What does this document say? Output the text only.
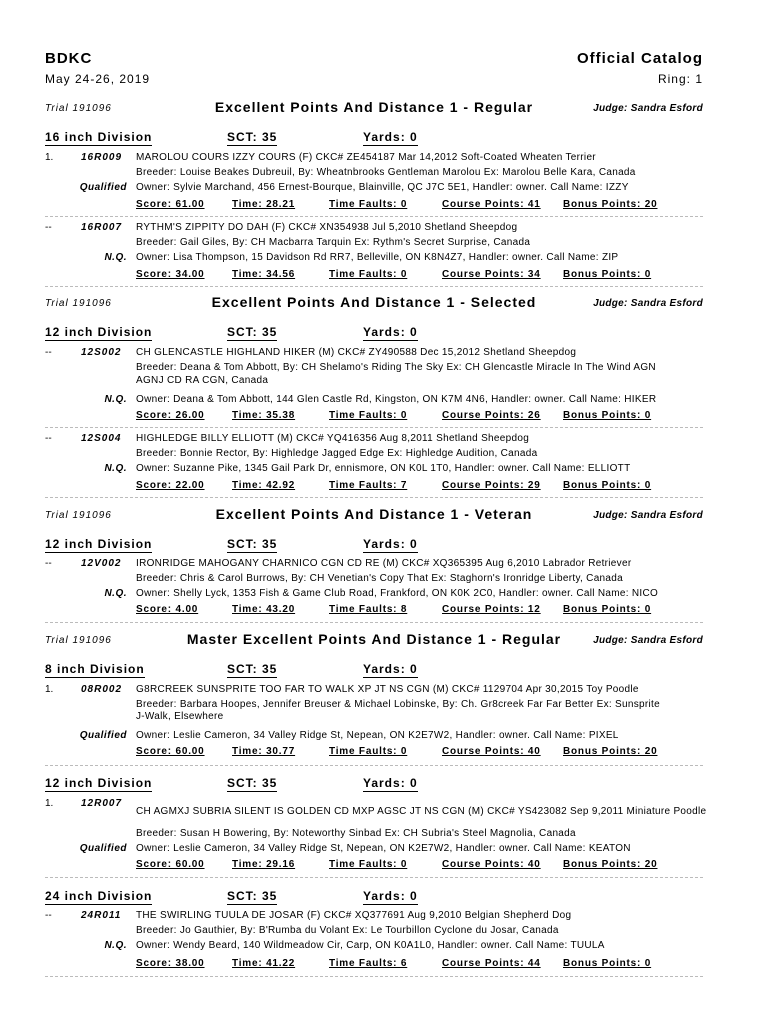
BDKC	Official Catalog
May 24-26, 2019	Ring: 1
Trial 191096	Excellent Points And Distance 1 - Regular	Judge: Sandra Esford
16 inch Division	SCT: 35	Yards: 0
1.	16R009
Qualified
MAROLOU COURS IZZY COURS (F) CKC# ZE454187 Mar 14,2012 Soft-Coated Wheaten Terrier
Breeder: Louise Beakes Dubreuil, By: Wheatnbrooks Gentleman Marolou Ex: Marolou Belle Kara, Canada
Owner: Sylvie Marchand, 456 Ernest-Bourque, Blainville, QC J7C 5E1, Handler: owner. Call Name: IZZY
Score: 61.00	Time: 28.21	Time Faults: 0	Course Points: 41 Bonus Points: 20
--	16R007
N.Q.
RYTHM'S ZIPPITY DO DAH (F) CKC# XN354938 Jul 5,2010 Shetland Sheepdog
Breeder: Gail Giles, By: CH Macbarra Tarquin Ex: Rythm's Secret Surprise, Canada
Owner: Lisa Thompson, 15 Davidson Rd RR7, Belleville, ON K8N4Z7, Handler: owner. Call Name: ZIP
Score: 34.00	Time: 34.56	Time Faults: 0	Course Points: 34 Bonus Points: 0
Trial 191096	Excellent Points And Distance 1 - Selected	Judge: Sandra Esford
12 inch Division	SCT: 35	Yards: 0
--	12S002
N.Q.
CH GLENCASTLE HIGHLAND HIKER (M) CKC# ZY490588 Dec 15,2012 Shetland Sheepdog
Breeder: Deana & Tom Abbott, By: CH Shelamo's Riding The Sky Ex: CH Glencastle Miracle In The Wind AGN
AGNJ CD RA CGN, Canada
Owner: Deana & Tom Abbott, 144 Glen Castle Rd, Kingston, ON K7M 4N6, Handler: owner. Call Name: HIKER
Score: 26.00	Time: 35.38	Time Faults: 0	Course Points: 26 Bonus Points: 0
--	12S004
N.Q.
HIGHLEDGE BILLY ELLIOTT (M) CKC# YQ416356 Aug 8,2011 Shetland Sheepdog
Breeder: Bonnie Rector, By: Highledge Jagged Edge Ex: Highledge Audition, Canada
Owner: Suzanne Pike, 1345 Gail Park Dr, ennismore, ON K0L 1T0, Handler: owner. Call Name: ELLIOTT
Score: 22.00	Time: 42.92	Time Faults: 7	Course Points: 29 Bonus Points: 0
Trial 191096	Excellent Points And Distance 1 - Veteran	Judge: Sandra Esford
12 inch Division	SCT: 35	Yards: 0
--	12V002
N.Q.
IRONRIDGE MAHOGANY CHARNICO CGN CD RE (M) CKC# XQ365395 Aug 6,2010 Labrador Retriever
Breeder: Chris & Carol Burrows, By: CH Venetian's Copy That Ex: Staghorn's Ironridge Liberty, Canada
Owner: Shelly Lyck, 1353 Fish & Game Club Road, Frankford, ON K0K 2C0, Handler: owner. Call Name: NICO
Score: 4.00	Time: 43.20	Time Faults: 8	Course Points: 12 Bonus Points: 0
Trial 191096	Master Excellent Points And Distance 1 - Regular	Judge: Sandra Esford
8 inch Division	SCT: 35	Yards: 0
1.	08R002
Qualified
G8RCREEK SUNSPRITE TOO FAR TO WALK XP JT NS CGN (M) CKC# 1129704 Apr 30,2015 Toy Poodle
Breeder: Barbara Hoopes, Jennifer Breuser & Michael Lobinske, By: Ch. Gr8creek Far Far Better Ex: Sunsprite
J-Walk, Elsewhere
Owner: Leslie Cameron, 34 Valley Ridge St, Nepean, ON K2E7W2, Handler: owner. Call Name: PIXEL
Score: 60.00	Time: 30.77	Time Faults: 0	Course Points: 40 Bonus Points: 20
12 inch Division	SCT: 35	Yards: 0
1.	12R007
Qualified
CH AGMXJ SUBRIA SILENT IS GOLDEN CD MXP AGSC JT NS CGN (M) CKC# YS423082 Sep 9,2011 Miniature Poodle
Breeder: Susan H Bowering, By: Noteworthy Sinbad Ex: CH Subria's Steel Magnolia, Canada
Owner: Leslie Cameron, 34 Valley Ridge St, Nepean, ON K2E7W2, Handler: owner. Call Name: KEATON
Score: 60.00	Time: 29.16	Time Faults: 0	Course Points: 40 Bonus Points: 20
24 inch Division	SCT: 35	Yards: 0
--	24R011
N.Q.
THE SWIRLING TUULA DE JOSAR (F) CKC# XQ377691 Aug 9,2010 Belgian Shepherd Dog
Breeder: Jo Gauthier, By: B'Rumba du Volant Ex: Le Tourbillon Cyclone du Josar, Canada
Owner: Wendy Beard, 140 Wildmeadow Cir, Carp, ON K0A1L0, Handler: owner. Call Name: TUULA
Score: 38.00	Time: 41.22	Time Faults: 6	Course Points: 44 Bonus Points: 0
